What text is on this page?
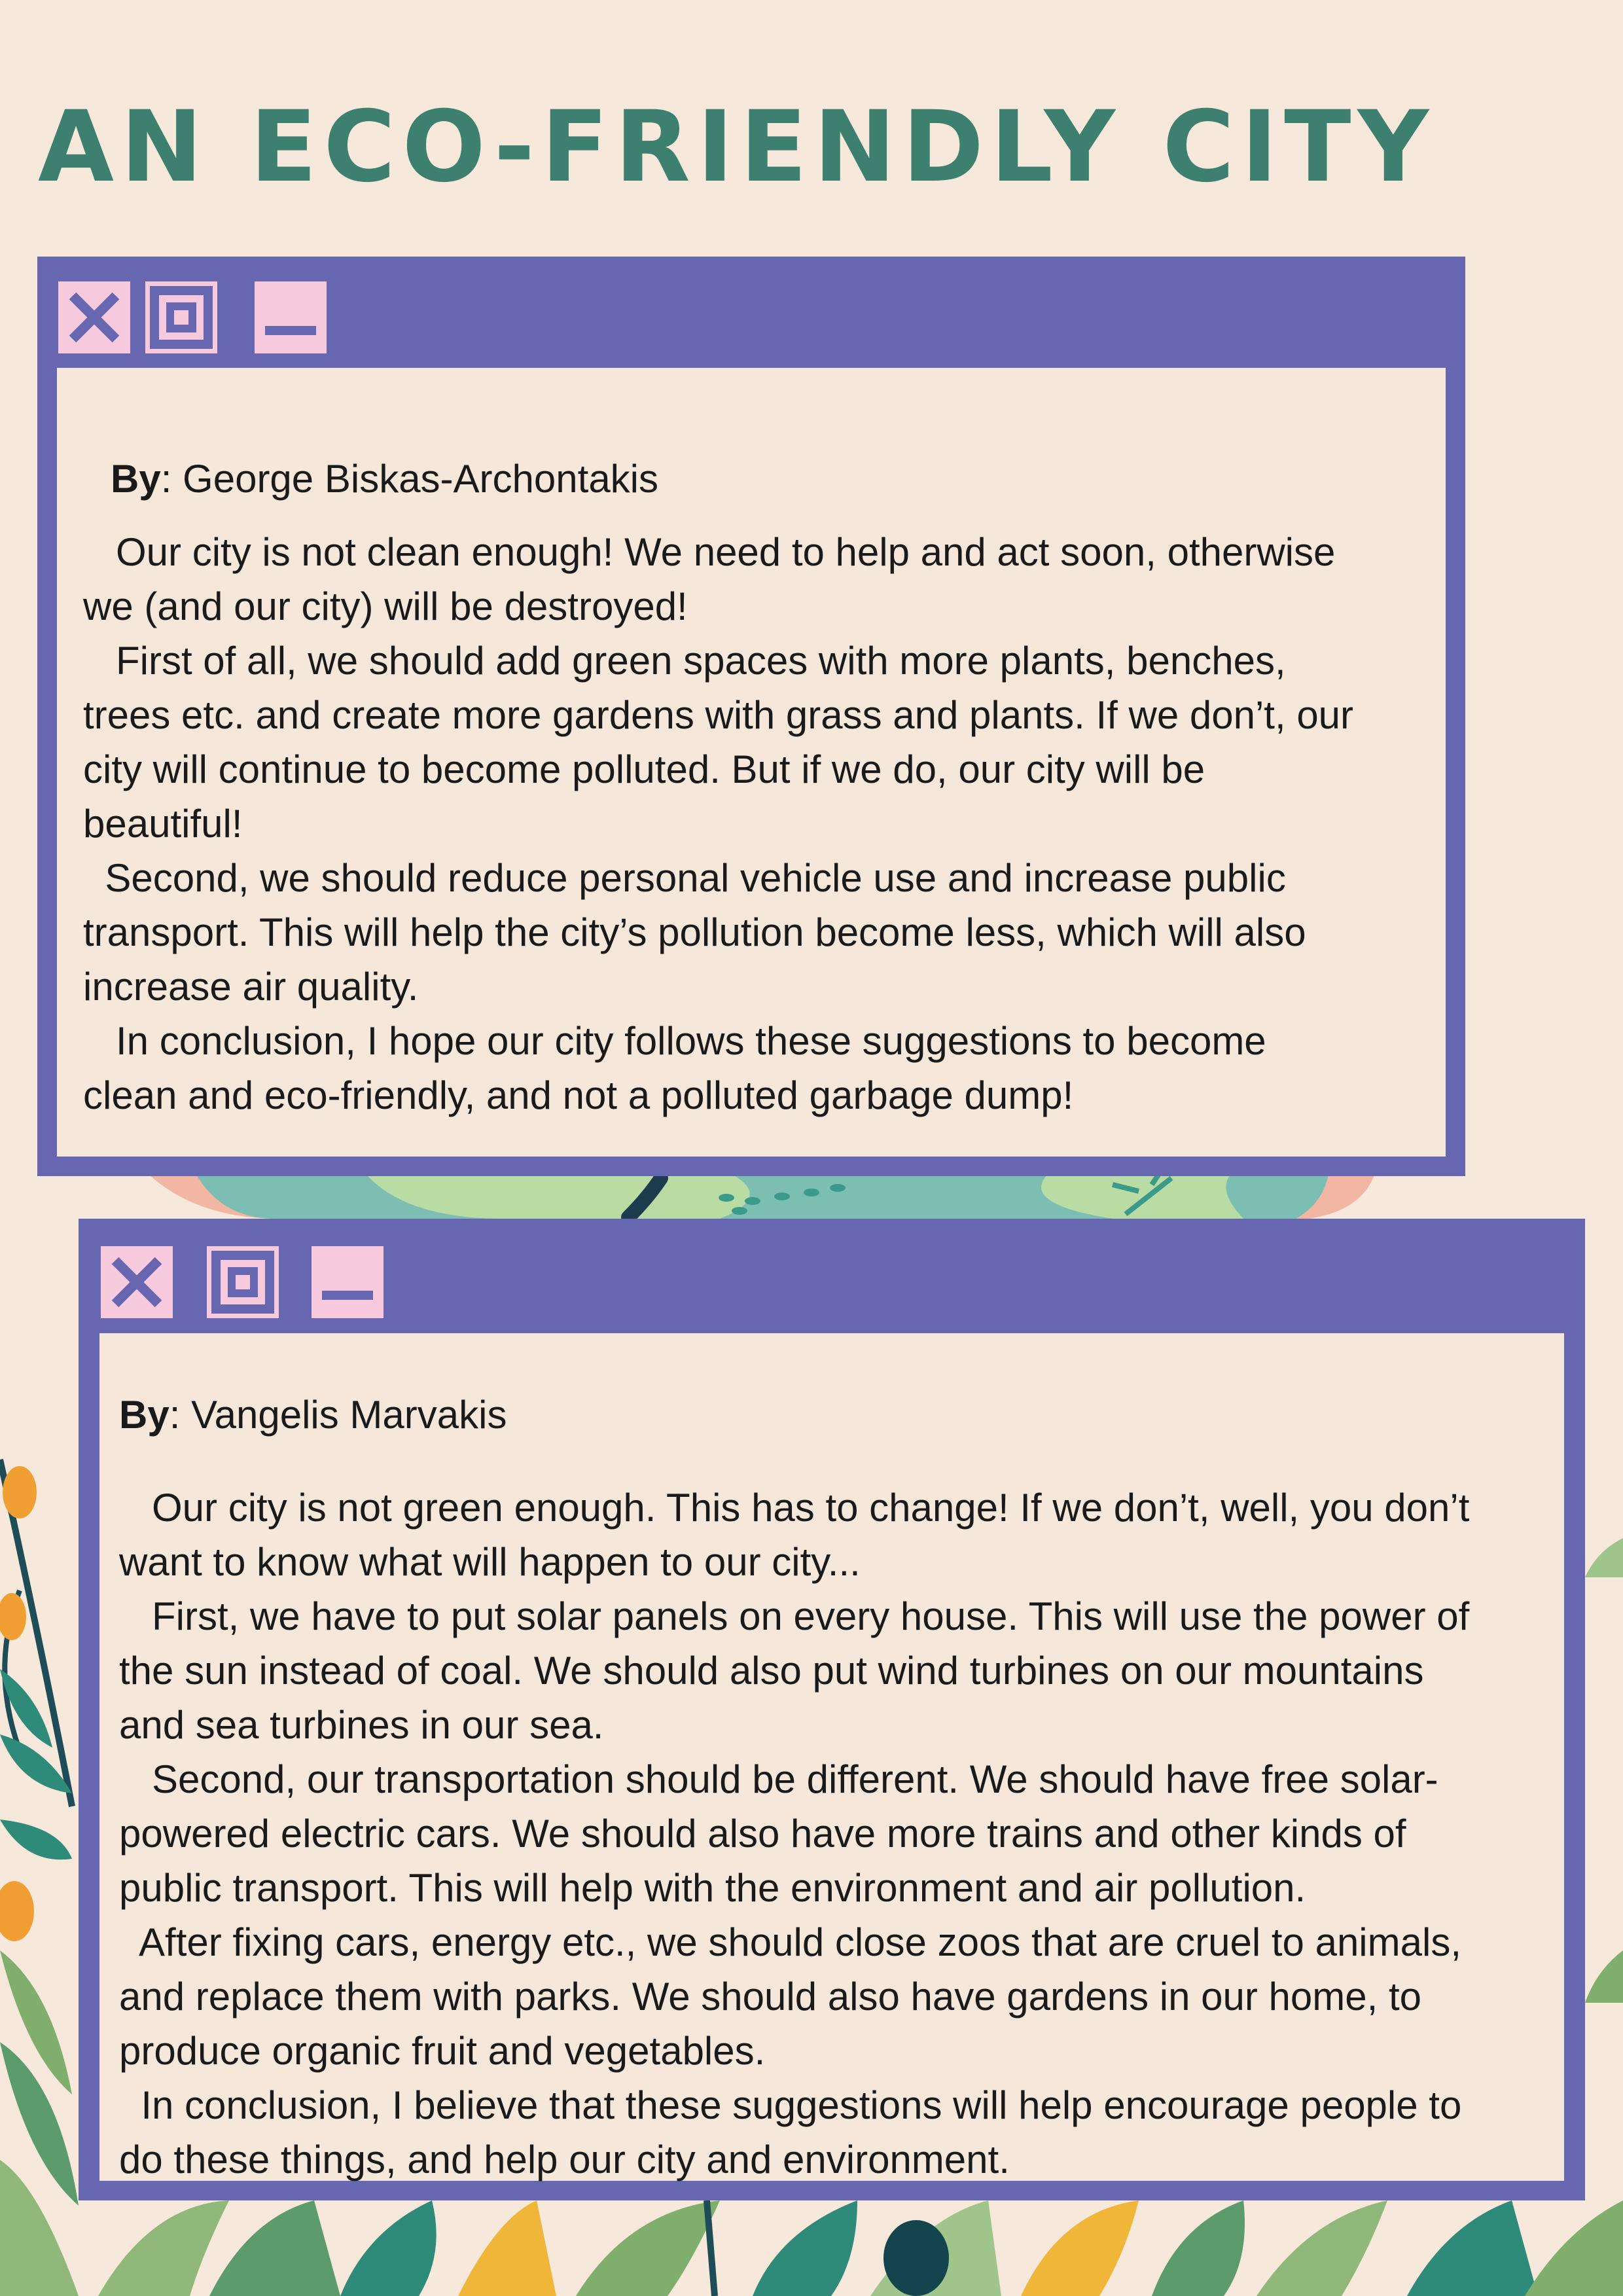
AN ECO-FRIENDLY CITY

By: George Biskas-Archontakis

Our city is not clean enough! We need to help and act soon, otherwise

we (and our city) will be destroyed!

First of all, we should add green spaces with more plants, benches,

trees etc. and create more gardens with grass and plants. If we don’t, our

city will continue to become polluted. But if we do, our city will be

beautiful!

Second, we should reduce personal vehicle use and increase public

transport. This will help the city’s pollution become less, which will also

increase air quality.

In conclusion, I hope our city follows these suggestions to become

clean and eco-friendly, and not a polluted garbage dump!

By: Vangelis Marvakis

Our city is not green enough. This has to change! If we don’t, well, you don’t

want to know what will happen to our city...

First, we have to put solar panels on every house. This will use the power of

the sun instead of coal. We should also put wind turbines on our mountains

and sea turbines in our sea.

Second, our transportation should be different. We should have free solar-

powered electric cars. We should also have more trains and other kinds of

public transport. This will help with the environment and air pollution.

After fixing cars, energy etc., we should close zoos that are cruel to animals,

and replace them with parks. We should also have gardens in our home, to

produce organic fruit and vegetables.

In conclusion, I believe that these suggestions will help encourage people to

do these things, and help our city and environment.
